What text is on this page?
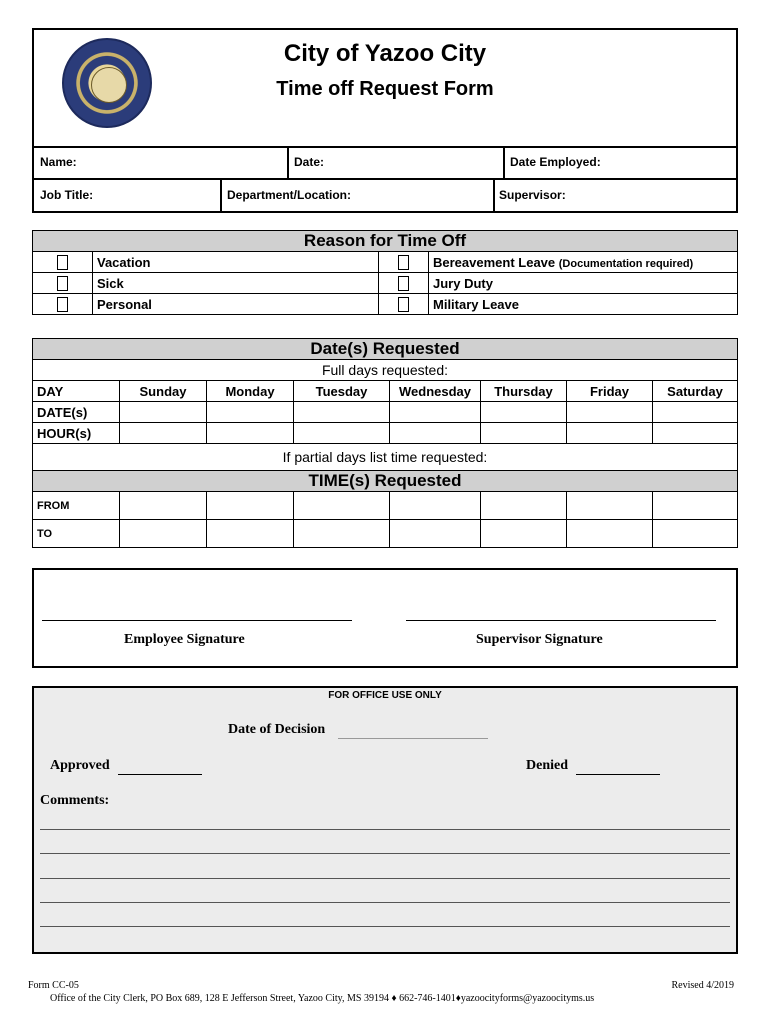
City of Yazoo City
Time off Request Form
Name:	Date:	Date Employed:
Job Title:	Department/Location:	Supervisor:
Reason for Time Off			
	Vacation		Bereavement Leave (Documentation required)
	Sick		Jury Duty
	Personal		Military Leave
Date(s) Requested							
Full days requested:							
DAY	Sunday	Monday	Tuesday	Wednesday	Thursday	Friday	Saturday
DATE(s)							
HOUR(s)							
If partial days list time requested:							
TIME(s) Requested							
FROM							
TO							
Employee Signature	Supervisor Signature
FOR OFFICE USE ONLY
Date of Decision
Approved	Denied
Comments:
Form CC-05	Revised 4/2019
Office of the City Clerk, PO Box 689, 128 E Jefferson Street, Yazoo City, MS 39194 ♦ 662-746-1401♦yazoocityforms@yazoocityms.us
